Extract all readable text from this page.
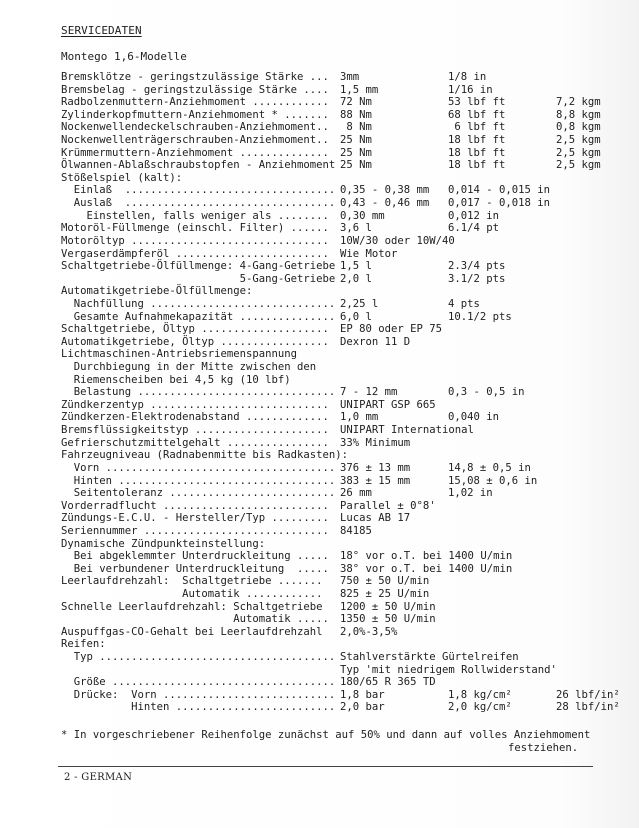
SERVICEDATEN
Montego 1,6-Modelle
Bremsklötze - geringstzulässige Stärke ... 3mm	1/8 in
Bremsbelag - geringstzulässige Stärke .... 1,5 mm	1/16 in
Radbolzenmuttern-Anziehmoment ............ 72 Nm	53 lbf ft	7,2 kgm
Zylinderkopfmuttern-Anziehmoment * ....... 88 Nm	68 lbf ft	8,8 kgm
Nockenwellendeckelschrauben-Anziehmoment.. 8 Nm	6 lbf ft	0,8 kgm
Nockenwellenträgerschrauben-Anziehmoment.. 25 Nm	18 lbf ft	2,5 kgm
Krümmermuttern-Anziehmoment .............. 25 Nm	18 lbf ft	2,5 kgm
Ölwannen-Ablaßschraubstopfen - Anziehmoment 25 Nm	18 lbf ft	2,5 kgm
Stößelspiel (kalt):
Einlaß  ................................. 0,35 - 0,38 mm 0,014 - 0,015 in
Auslaß  ................................. 0,43 - 0,46 mm 0,017 - 0,018 in
Einstellen, falls weniger als ........ 0,30 mm	0,012 in
Motoröl-Füllmenge (einschl. Filter) ...... 3,6 l	6.1/4 pt
Motoröltyp ............................... 10W/30 oder 10W/40
Vergaserdämpferöl ........................ Wie Motor
Schaltgetriebe-Ölfüllmenge: 4-Gang-Getriebe 1,5 l	2.3/4 pts
5-Gang-Getriebe 2,0 l	3.1/2 pts
Automatikgetriebe-Ölfüllmenge:
Nachfüllung ............................. 2,25 l	4 pts
Gesamte Aufnahmekapazität ............... 6,0 l	10.1/2 pts
Schaltgetriebe, Öltyp .................... EP 80 oder EP 75
Automatikgetriebe, Öltyp ................. Dexron 11 D
Lichtmaschinen-Antriebsriemenspannung
Durchbiegung in der Mitte zwischen den
Riemenscheiben bei 4,5 kg (10 lbf)
Belastung ............................... 7 - 12 mm	0,3 - 0,5 in
Zündkerzentyp ............................ UNIPART GSP 665
Zündkerzen-Elektrodenabstand ............. 1,0 mm	0,040 in
Bremsflüssigkeitstyp ..................... UNIPART International
Gefrierschutzmittelgehalt ................ 33% Minimum
Fahrzeugniveau (Radnabenmitte bis Radkasten):
Vorn .................................... 376 ± 13 mm	14,8 ± 0,5 in
Hinten .................................. 383 ± 15 mm	15,08 ± 0,6 in
Seitentoleranz .......................... 26 mm	1,02 in
Vorderradflucht .......................... Parallel ± 0°8'
Zündungs-E.C.U. - Hersteller/Typ ......... Lucas AB 17
Seriennummer ............................. 84185
Dynamische Zündpunkteinstellung:
Bei abgeklemmter Unterdruckleitung ..... 18° vor o.T. bei 1400 U/min
Bei verbundener Unterdruckleitung  ..... 38° vor o.T. bei 1400 U/min
Leerlaufdrehzahl:  Schaltgetriebe ....... 750 ± 50 U/min
Automatik ............ 825 ± 25 U/min
Schnelle Leerlaufdrehzahl: Schaltgetriebe 1200 ± 50 U/min
Automatik ..... 1350 ± 50 U/min
Auspuffgas-CO-Gehalt bei Leerlaufdrehzahl 2,0%-3,5%
Reifen:
Typ ..................................... Stahlverstärkte Gürtelreifen
Typ 'mit niedrigem Rollwiderstand'
Größe ................................... 180/65 R 365 TD
Drücke:  Vorn ........................... 1,8 bar	1,8 kg/cm²	26 lbf/in²
Hinten ......................... 2,0 bar	2,0 kg/cm²	28 lbf/in²
* In vorgeschriebener Reihenfolge zunächst auf 50% und dann auf volles Anziehmoment
festziehen.
2 - GERMAN
